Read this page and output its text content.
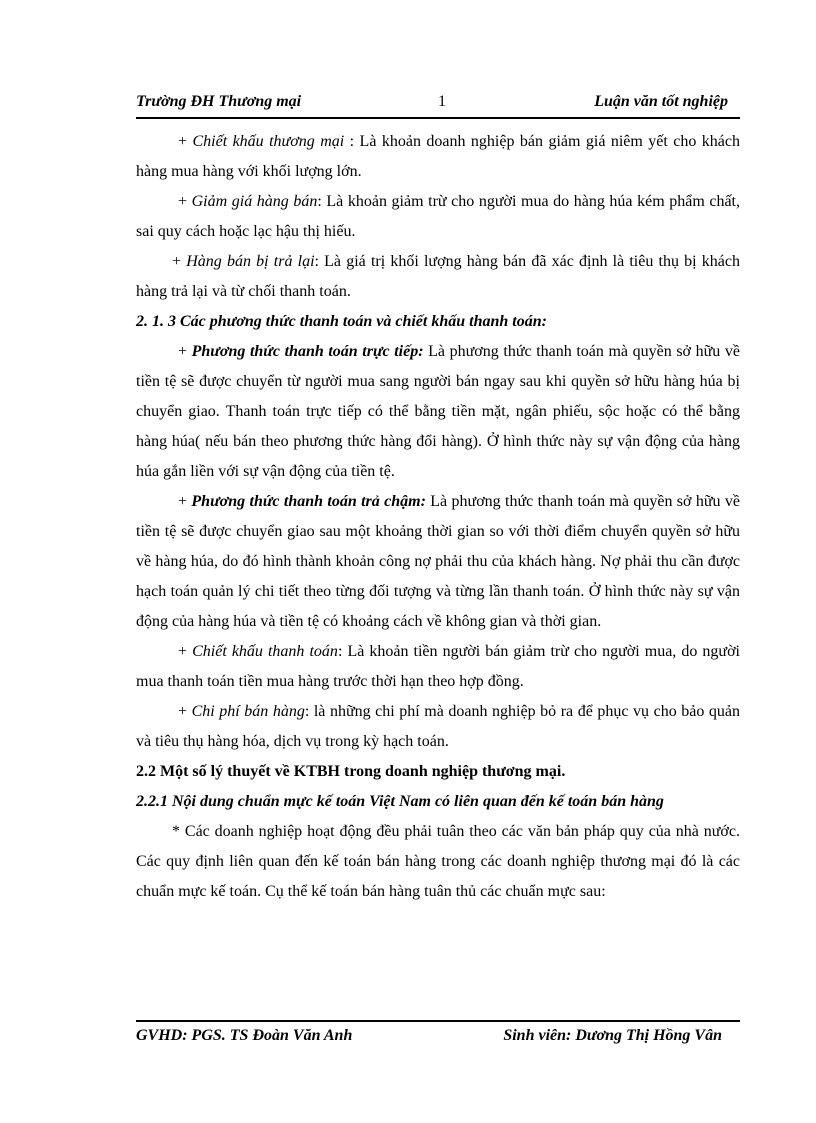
Trường ĐH Thương mại	1	Luận văn tốt nghiệp

+ Chiết khấu thương mại : Là khoản doanh nghiệp bán giảm giá niêm yết cho khách hàng mua hàng với khối lượng lớn.

+ Giảm giá hàng bán: Là khoản giảm trừ cho người mua do hàng húa kém phẩm chất, sai quy cách hoặc lạc hậu thị hiếu.

+ Hàng bán bị trả lại: Là giá trị khối lượng hàng bán đã xác định là tiêu thụ bị khách hàng trả lại và từ chối thanh toán.

2. 1. 3 Các phương thức thanh toán và chiết khấu thanh toán:

+ Phương thức thanh toán trực tiếp: Là phương thức thanh toán mà quyền sở hữu về tiền tệ sẽ được chuyển từ người mua sang người bán ngay sau khi quyền sở hữu hàng húa bị chuyển giao. Thanh toán trực tiếp có thể bằng tiền mặt, ngân phiếu, sộc hoặc có thể bằng hàng húa( nếu bán theo phương thức hàng đổi hàng). Ở hình thức này sự vận động của hàng húa gắn liền với sự vận động của tiền tệ.

+ Phương thức thanh toán trả chậm: Là phương thức thanh toán mà quyền sở hữu về tiền tệ sẽ được chuyển giao sau một khoảng thời gian so với thời điểm chuyển quyền sở hữu về hàng húa, do đó hình thành khoản công nợ phải thu của khách hàng. Nợ phải thu cần được hạch toán quản lý chi tiết theo từng đối tượng và từng lần thanh toán. Ở hình thức này sự vận động của hàng húa và tiền tệ có khoảng cách về không gian và thời gian.

+ Chiết khấu thanh toán: Là khoản tiền người bán giảm trừ cho người mua, do người mua thanh toán tiền mua hàng trước thời hạn theo hợp đồng.

+ Chi phí bán hàng: là những chi phí mà doanh nghiệp bỏ ra để phục vụ cho bảo quản và tiêu thụ hàng hóa, dịch vụ trong kỳ hạch toán.

2.2 Một số lý thuyết về KTBH trong doanh nghiệp thương mại.

2.2.1 Nội dung chuẩn mực kế toán Việt Nam có liên quan đến kế toán bán hàng

* Các doanh nghiệp hoạt động đều phải tuân theo các văn bản pháp quy của nhà nước. Các quy định liên quan đến kế toán bán hàng trong các doanh nghiệp thương mại đó là các chuẩn mực kế toán. Cụ thể kế toán bán hàng tuân thủ các chuẩn mực sau:

GVHD: PGS. TS Đoàn Văn Anh	Sinh viên: Dương Thị Hồng Vân
